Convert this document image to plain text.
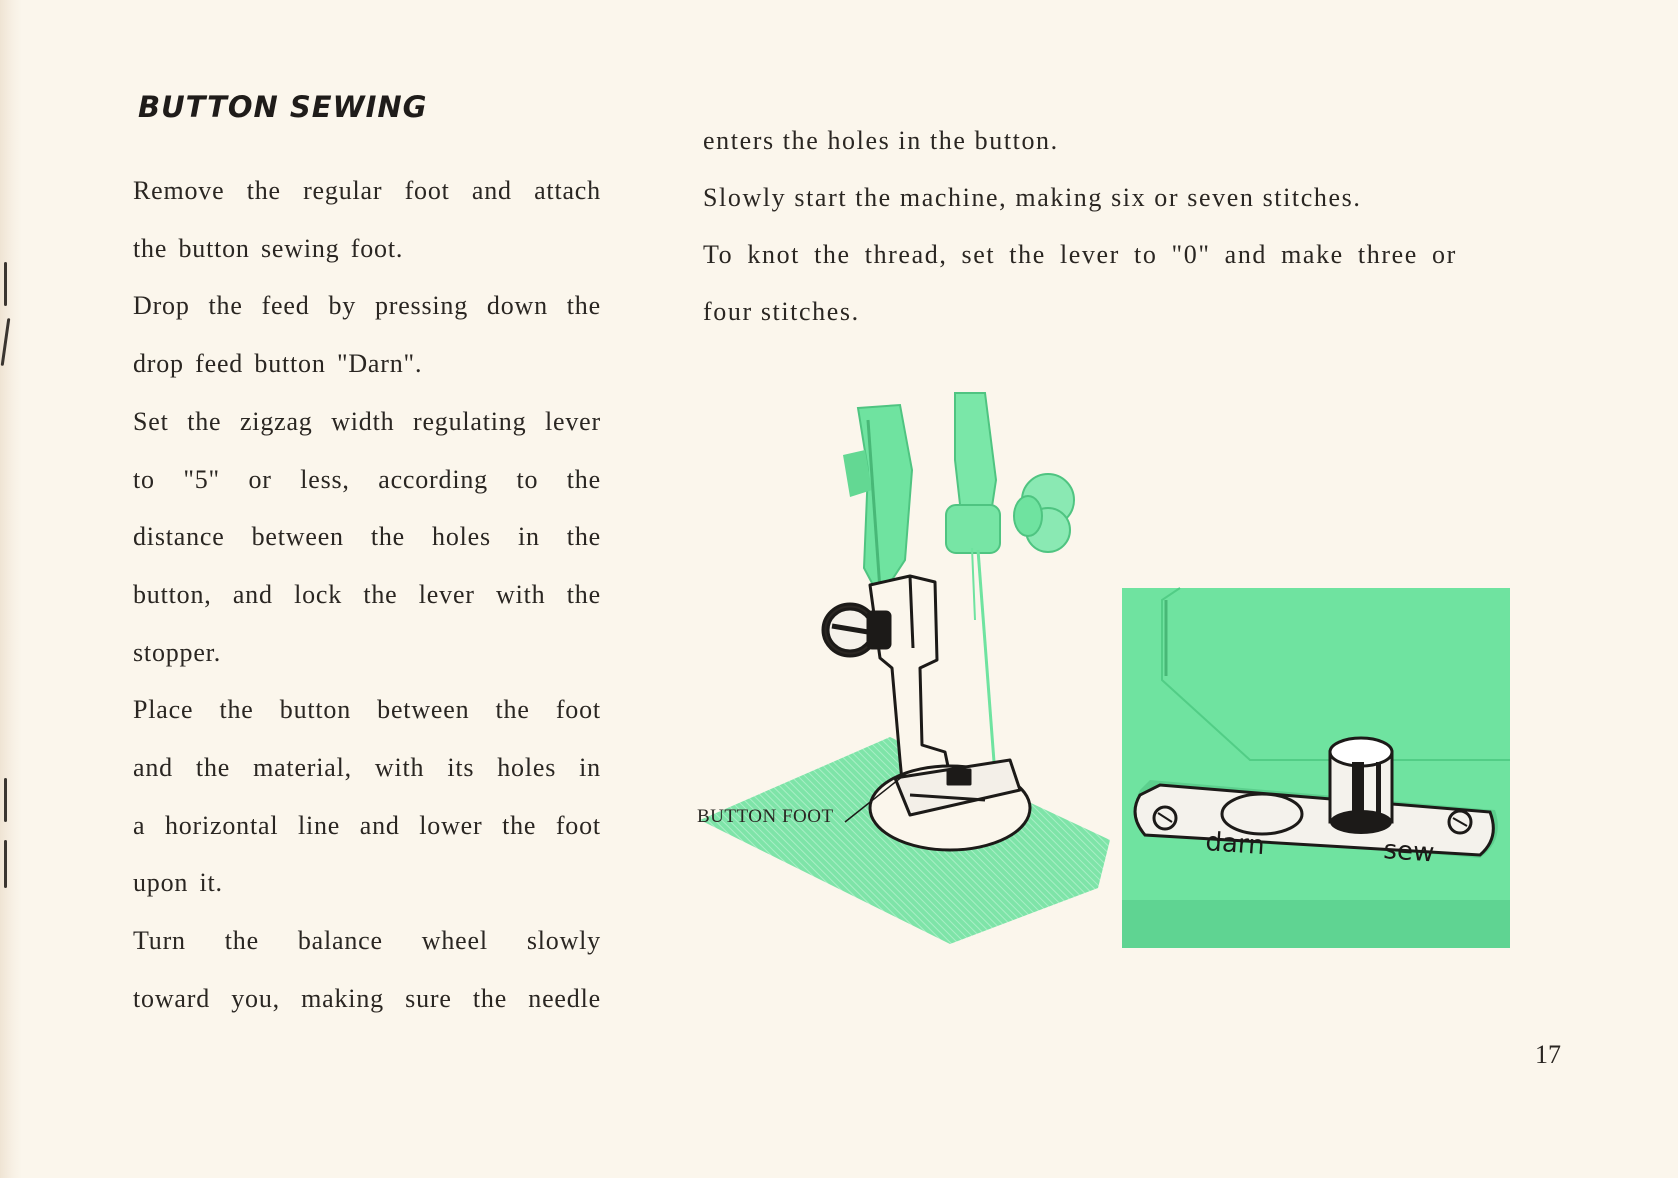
BUTTON SEWING
Remove the regular foot and attach
the button sewing foot.
Drop the feed by pressing down the
drop feed button "Darn".
Set the zigzag width regulating lever
to "5" or less, according to the
distance between the holes in the
button, and lock the lever with the
stopper.
Place the button between the foot
and the material, with its holes in
a horizontal line and lower the foot
upon it.
Turn the balance wheel slowly
toward you, making sure the needle
enters the holes in the button.
Slowly start the machine, making six or seven stitches.
To knot the thread, set the lever to "0" and make three or
four stitches.
darn	sew
BUTTON FOOT
17
